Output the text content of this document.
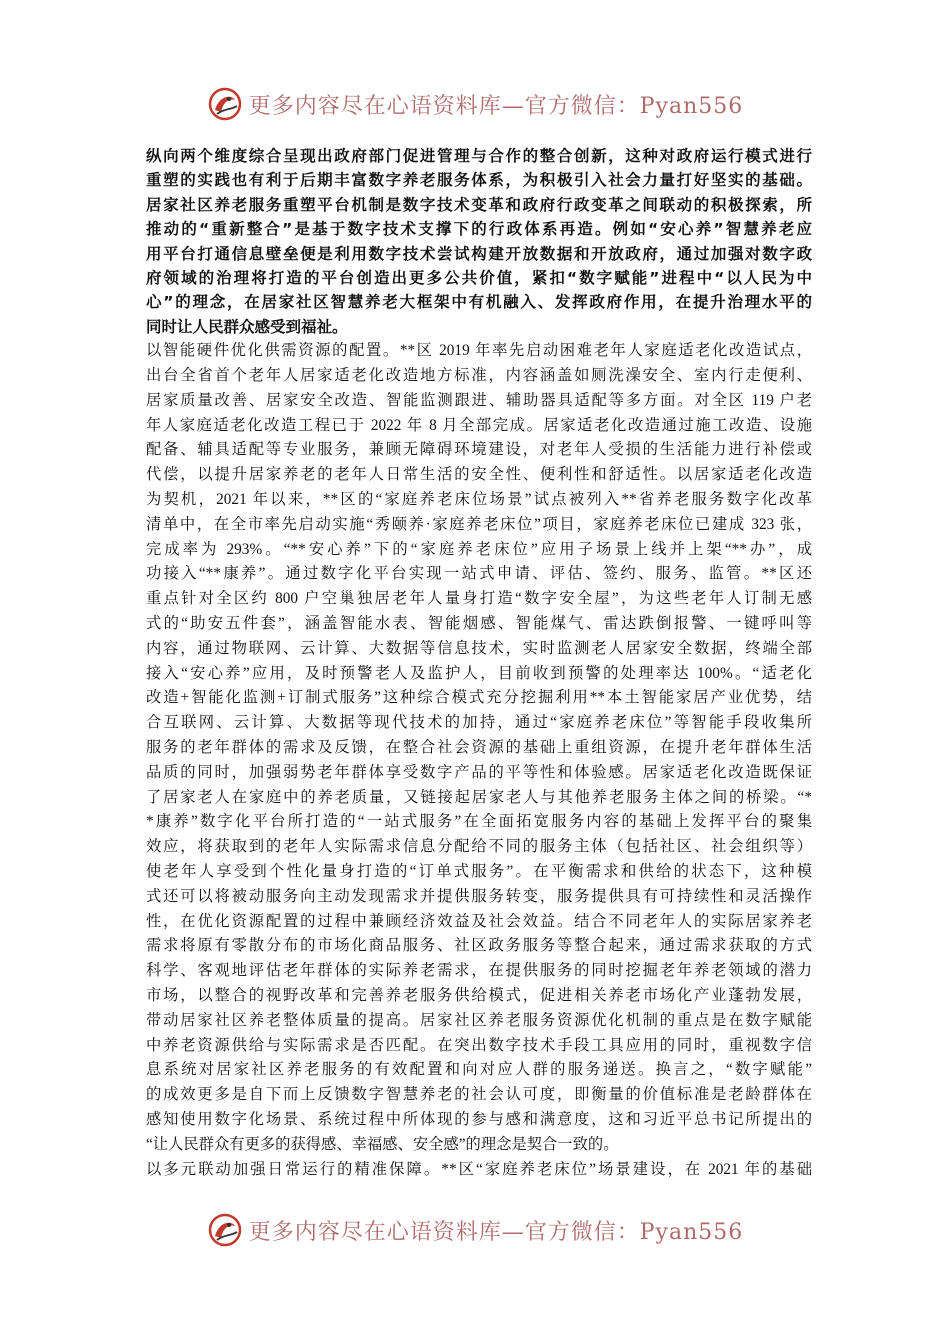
更多内容尽在心语资料库—官方微信：Pyan556
纵向两个维度综合呈现出政府部门促进管理与合作的整合创新，这种对政府运行模式进行
重塑的实践也有利于后期丰富数字养老服务体系，为积极引入社会力量打好坚实的基础。
居家社区养老服务重塑平台机制是数字技术变革和政府行政变革之间联动的积极探索，所
推动的“重新整合”是基于数字技术支撑下的行政体系再造。例如“安心养”智慧养老应
用平台打通信息壁垒便是利用数字技术尝试构建开放数据和开放政府，通过加强对数字政
府领域的治理将打造的平台创造出更多公共价值，紧扣“数字赋能”进程中“以人民为中
心”的理念，在居家社区智慧养老大框架中有机融入、发挥政府作用，在提升治理水平的
同时让人民群众感受到福祉。
以智能硬件优化供需资源的配置。**区 2019 年率先启动困难老年人家庭适老化改造试点，
出台全省首个老年人居家适老化改造地方标准，内容涵盖如厕洗澡安全、室内行走便利、
居家质量改善、居家安全改造、智能监测跟进、辅助器具适配等多方面。对全区 119 户老
年人家庭适老化改造工程已于 2022 年 8 月全部完成。居家适老化改造通过施工改造、设施
配备、辅具适配等专业服务，兼顾无障碍环境建设，对老年人受损的生活能力进行补偿或
代偿，以提升居家养老的老年人日常生活的安全性、便利性和舒适性。以居家适老化改造
为契机，2021 年以来，**区的“家庭养老床位场景”试点被列入**省养老服务数字化改革
清单中，在全市率先启动实施“秀颐养·家庭养老床位”项目，家庭养老床位已建成 323 张，
完成率为 293%。“**安心养”下的“家庭养老床位”应用子场景上线并上架“**办”，成
功接入“**康养”。通过数字化平台实现一站式申请、评估、签约、服务、监管。**区还
重点针对全区约 800 户空巢独居老年人量身打造“数字安全屋”，为这些老年人订制无感
式的“助安五件套”，涵盖智能水表、智能烟感、智能煤气、雷达跌倒报警、一键呼叫等
内容，通过物联网、云计算、大数据等信息技术，实时监测老人居家安全数据，终端全部
接入“安心养”应用，及时预警老人及监护人，目前收到预警的处理率达 100%。“适老化
改造+智能化监测+订制式服务”这种综合模式充分挖掘利用**本土智能家居产业优势，结
合互联网、云计算、大数据等现代技术的加持，通过“家庭养老床位”等智能手段收集所
服务的老年群体的需求及反馈，在整合社会资源的基础上重组资源，在提升老年群体生活
品质的同时，加强弱势老年群体享受数字产品的平等性和体验感。居家适老化改造既保证
了居家老人在家庭中的养老质量，又链接起居家老人与其他养老服务主体之间的桥梁。“*
*康养”数字化平台所打造的“一站式服务”在全面拓宽服务内容的基础上发挥平台的聚集
效应，将获取到的老年人实际需求信息分配给不同的服务主体（包括社区、社会组织等）
使老年人享受到个性化量身打造的“订单式服务”。在平衡需求和供给的状态下，这种模
式还可以将被动服务向主动发现需求并提供服务转变，服务提供具有可持续性和灵活操作
性，在优化资源配置的过程中兼顾经济效益及社会效益。结合不同老年人的实际居家养老
需求将原有零散分布的市场化商品服务、社区政务服务等整合起来，通过需求获取的方式
科学、客观地评估老年群体的实际养老需求，在提供服务的同时挖掘老年养老领域的潜力
市场，以整合的视野改革和完善养老服务供给模式，促进相关养老市场化产业蓬勃发展，
带动居家社区养老整体质量的提高。居家社区养老服务资源优化机制的重点是在数字赋能
中养老资源供给与实际需求是否匹配。在突出数字技术手段工具应用的同时，重视数字信
息系统对居家社区养老服务的有效配置和向对应人群的服务递送。换言之，“数字赋能”
的成效更多是自下而上反馈数字智慧养老的社会认可度，即衡量的价值标准是老龄群体在
感知使用数字化场景、系统过程中所体现的参与感和满意度，这和习近平总书记所提出的
“让人民群众有更多的获得感、幸福感、安全感”的理念是契合一致的。
以多元联动加强日常运行的精准保障。**区“家庭养老床位”场景建设，在 2021 年的基础
更多内容尽在心语资料库—官方微信：Pyan556
